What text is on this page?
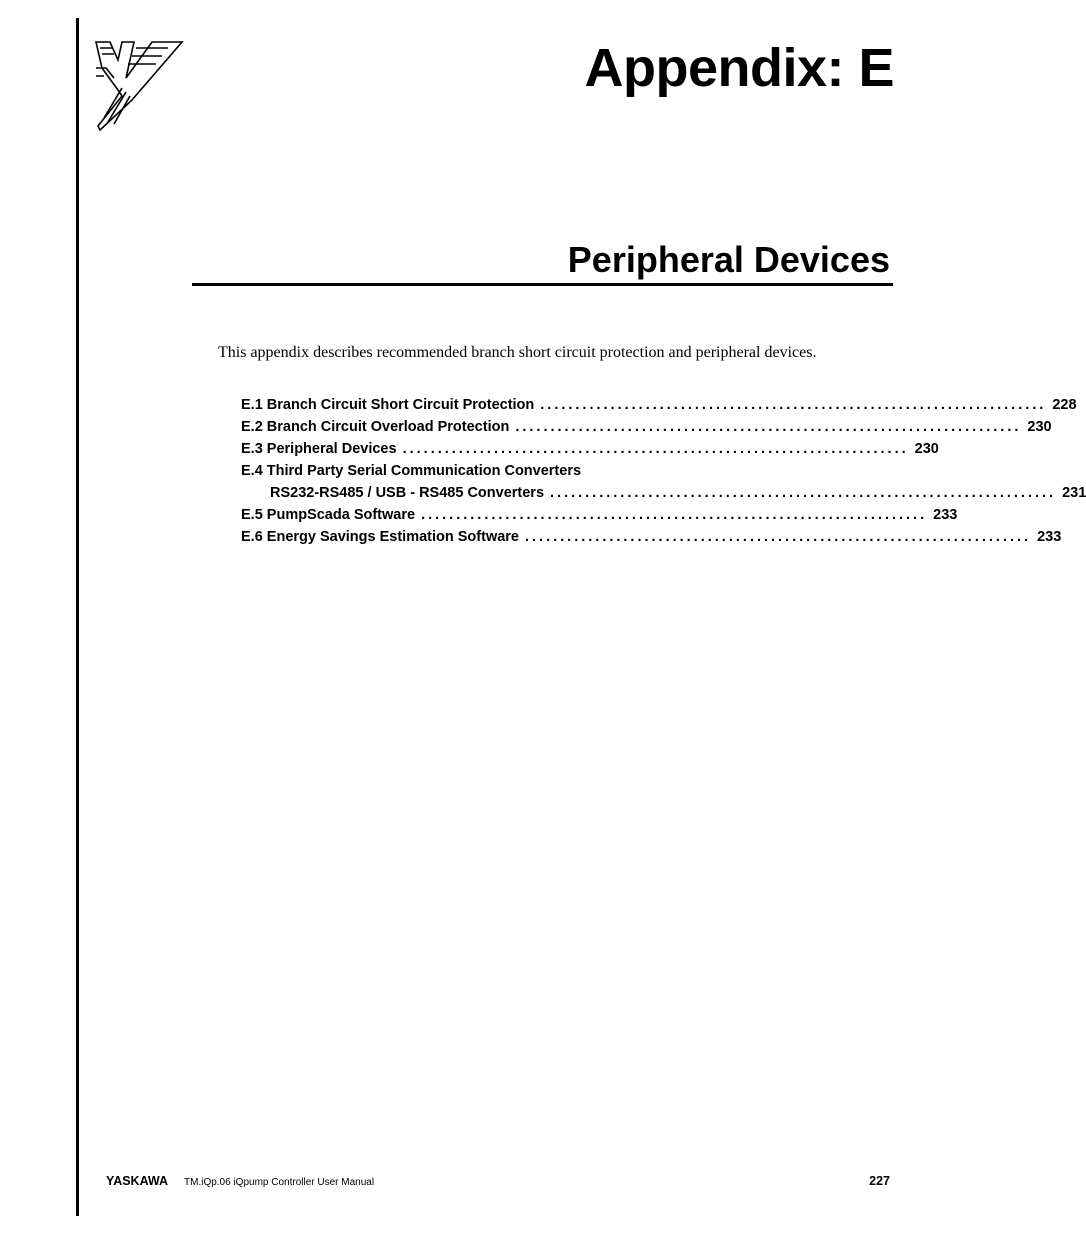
Appendix: E
Peripheral Devices

This appendix describes recommended branch short circuit protection and peripheral devices.

E.1 Branch Circuit Short Circuit Protection ........................................................................ 228
E.2 Branch Circuit Overload Protection ........................................................................ 230
E.3 Peripheral Devices ........................................................................ 230
E.4 Third Party Serial Communication Converters
RS232-RS485 / USB - RS485 Converters ........................................................................ 231
E.5 PumpScada Software ........................................................................ 233
E.6 Energy Savings Estimation Software ........................................................................ 233
YASKAWA TM.iQp.06 iQpump Controller User Manual	227
